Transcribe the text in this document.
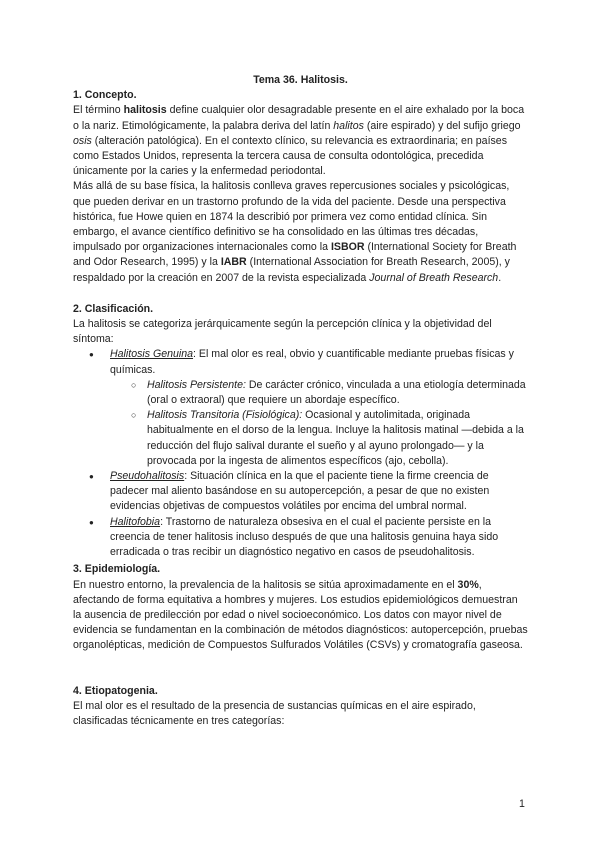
Tema 36. Halitosis.

1. Concepto.

El término halitosis define cualquier olor desagradable presente en el aire exhalado por la boca o la nariz. Etimológicamente, la palabra deriva del latín halitos (aire espirado) y del sufijo griego osis (alteración patológica). En el contexto clínico, su relevancia es extraordinaria; en países como Estados Unidos, representa la tercera causa de consulta odontológica, precedida únicamente por la caries y la enfermedad periodontal.

Más allá de su base física, la halitosis conlleva graves repercusiones sociales y psicológicas, que pueden derivar en un trastorno profundo de la vida del paciente. Desde una perspectiva histórica, fue Howe quien en 1874 la describió por primera vez como entidad clínica. Sin embargo, el avance científico definitivo se ha consolidado en las últimas tres décadas, impulsado por organizaciones internacionales como la ISBOR (International Society for Breath and Odor Research, 1995) y la IABR (International Association for Breath Research, 2005), y respaldado por la creación en 2007 de la revista especializada Journal of Breath Research.

2. Clasificación.

La halitosis se categoriza jerárquicamente según la percepción clínica y la objetividad del síntoma:

● Halitosis Genuina: El mal olor es real, obvio y cuantificable mediante pruebas físicas y químicas.
○ Halitosis Persistente: De carácter crónico, vinculada a una etiología determinada (oral o extraoral) que requiere un abordaje específico.
○ Halitosis Transitoria (Fisiológica): Ocasional y autolimitada, originada habitualmente en el dorso de la lengua. Incluye la halitosis matinal —debida a la reducción del flujo salival durante el sueño y al ayuno prolongado— y la provocada por la ingesta de alimentos específicos (ajo, cebolla).
● Pseudohalitosis: Situación clínica en la que el paciente tiene la firme creencia de padecer mal aliento basándose en su autopercepción, a pesar de que no existen evidencias objetivas de compuestos volátiles por encima del umbral normal.
● Halitofobia: Trastorno de naturaleza obsesiva en el cual el paciente persiste en la creencia de tener halitosis incluso después de que una halitosis genuina haya sido erradicada o tras recibir un diagnóstico negativo en casos de pseudohalitosis.
3. Epidemiología.

En nuestro entorno, la prevalencia de la halitosis se sitúa aproximadamente en el 30%, afectando de forma equitativa a hombres y mujeres. Los estudios epidemiológicos demuestran la ausencia de predilección por edad o nivel socioeconómico. Los datos con mayor nivel de evidencia se fundamentan en la combinación de métodos diagnósticos: autopercepción, pruebas organolépticas, medición de Compuestos Sulfurados Volátiles (CSVs) y cromatografía gaseosa.

4. Etiopatogenia.

El mal olor es el resultado de la presencia de sustancias químicas en el aire espirado, clasificadas técnicamente en tres categorías:

1
